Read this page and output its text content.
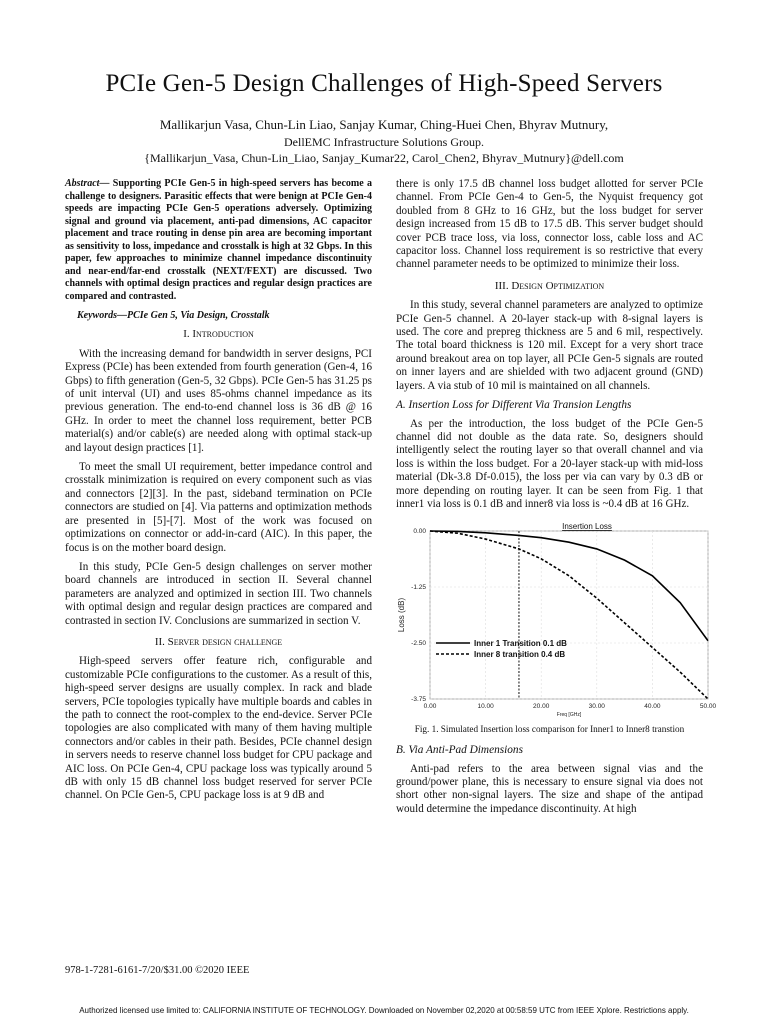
PCIe Gen-5 Design Challenges of High-Speed Servers
Mallikarjun Vasa, Chun-Lin Liao, Sanjay Kumar, Ching-Huei Chen, Bhyrav Mutnury,
DellEMC Infrastructure Solutions Group.
{Mallikarjun_Vasa, Chun-Lin_Liao, Sanjay_Kumar22, Carol_Chen2, Bhyrav_Mutnury}@dell.com

Abstract— Supporting PCIe Gen-5 in high-speed servers has become a challenge to designers. Parasitic effects that were benign at PCIe Gen-4 speeds are impacting PCIe Gen-5 operations adversely. Optimizing signal and ground via placement, anti-pad dimensions, AC capacitor placement and trace routing in dense pin area are becoming important as sensitivity to loss, impedance and crosstalk is high at 32 Gbps. In this paper, few approaches to minimize channel impedance discontinuity and near-end/far-end crosstalk (NEXT/FEXT) are discussed. Two channels with optimal design practices and regular design practices are compared and contrasted.

Keywords—PCIe Gen 5, Via Design, Crosstalk

I. Introduction

With the increasing demand for bandwidth in server designs, PCI Express (PCIe) has been extended from fourth generation (Gen-4, 16 Gbps) to fifth generation (Gen-5, 32 Gbps). PCIe Gen-5 has 31.25 ps of unit interval (UI) and uses 85-ohms channel impedance as its previous generation. The end-to-end channel loss is 36 dB @ 16 GHz. In order to meet the channel loss requirement, better PCB material(s) and/or cable(s) are needed along with optimal stack-up and layout design practices [1].

To meet the small UI requirement, better impedance control and crosstalk minimization is required on every component such as vias and connectors [2][3]. In the past, sideband termination on PCIe connectors are studied on [4]. Via patterns and optimization methods are presented in [5]-[7]. Most of the work was focused on optimizations on connector or add-in-card (AIC). In this paper, the focus is on the mother board design.

In this study, PCIe Gen-5 design challenges on server mother board channels are introduced in section II. Several channel parameters are analyzed and optimized in section III. Two channels with optimal design and regular design practices are compared and contrasted in section IV. Conclusions are summarized in section V.

II. Server design challenge

High-speed servers offer feature rich, configurable and customizable PCIe configurations to the customer. As a result of this, high-speed server designs are usually complex. In rack and blade servers, PCIe topologies typically have multiple boards and cables in the path to connect the root-complex to the end-device. Server PCIe topologies are also complicated with many of them having multiple connectors and/or cables in their path. Besides, PCIe channel design in servers needs to reserve channel loss budget for CPU package and AIC loss. On PCIe Gen-4, CPU package loss was typically around 5 dB with only 15 dB channel loss budget reserved for server PCIe channel. On PCIe Gen-5, CPU package loss is at 9 dB and

there is only 17.5 dB channel loss budget allotted for server PCIe channel. From PCIe Gen-4 to Gen-5, the Nyquist frequency got doubled from 8 GHz to 16 GHz, but the loss budget for server design increased from 15 dB to 17.5 dB. This server budget should cover PCB trace loss, via loss, connector loss, cable loss and AC capacitor loss. Channel loss requirement is so restrictive that every channel parameter needs to be optimized to minimize their loss.

III. Design Optimization

In this study, several channel parameters are analyzed to optimize PCIe Gen-5 channel. A 20-layer stack-up with 8-signal layers is used. The core and prepreg thickness are 5 and 6 mil, respectively. The total board thickness is 120 mil. Except for a very short trace around breakout area on top layer, all PCIe Gen-5 signals are routed on inner layers and are shielded with two adjacent ground (GND) layers. A via stub of 10 mil is maintained on all channels.

A. Insertion Loss for Different Via Transion Lengths

As per the introduction, the loss budget of the PCIe Gen-5 channel did not double as the data rate. So, designers should intelligently select the routing layer so that overall channel and via loss is within the loss budget. For a 20-layer stack-up with mid-loss material (Dk-3.8 Df-0.015), the loss per via can vary by 0.3 dB or more depending on routing layer. It can be seen from Fig. 1 that inner1 via loss is 0.1 dB and inner8 via loss is ~0.4 dB at 16 GHz.

0.00	10.00	20.00	30.00	40.00	50.00
0.00
-1.25
-2.50
-3.75
Insertion Loss
Freq [GHz]
Loss (dB)
Inner 1 Transition 0.1 dB
Inner 8 transition 0.4 dB
Fig. 1. Simulated Insertion loss comparison for Inner1 to Inner8 transtion
B. Via Anti-Pad Dimensions

Anti-pad refers to the area between signal vias and the ground/power plane, this is necessary to ensure signal via does not short other non-signal layers. The size and shape of the antipad would determine the impedance discontinuity. At high

978-1-7281-6161-7/20/$31.00 ©2020 IEEE
Authorized licensed use limited to: CALIFORNIA INSTITUTE OF TECHNOLOGY. Downloaded on November 02,2020 at 00:58:59 UTC from IEEE Xplore. Restrictions apply.
